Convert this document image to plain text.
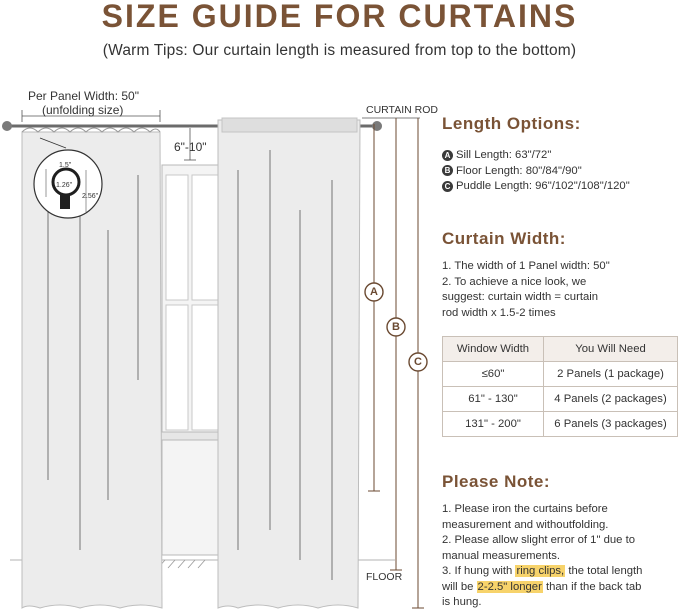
SIZE GUIDE FOR CURTAINS
(Warm Tips: Our curtain length is measured from top to the bottom)
Per Panel Width: 50"
(unfolding size)
6"-10"
CURTAIN ROD
FLOOR
1.5"
1.26"
2.56"
A
B
C
Length Options:
A Sill Length: 63"/72"
B Floor Length: 80"/84"/90"
C Puddle Length: 96"/102"/108"/120"
Curtain Width:
1. The width of 1 Panel width: 50"
2. To achieve a nice look, we
suggest: curtain width = curtain
rod width x 1.5-2 times
Window Width	You Will Need
≤60"	2 Panels (1 package)
61" - 130"	4 Panels (2 packages)
131" - 200"	6 Panels (3 packages)
Please Note:
1. Please iron the curtains before
measurement and withoutfolding.
2. Please allow slight error of 1" due to
manual measurements.
3. If hung with ring clips, the total length
will be 2-2.5" longer than if the back tab
is hung.
